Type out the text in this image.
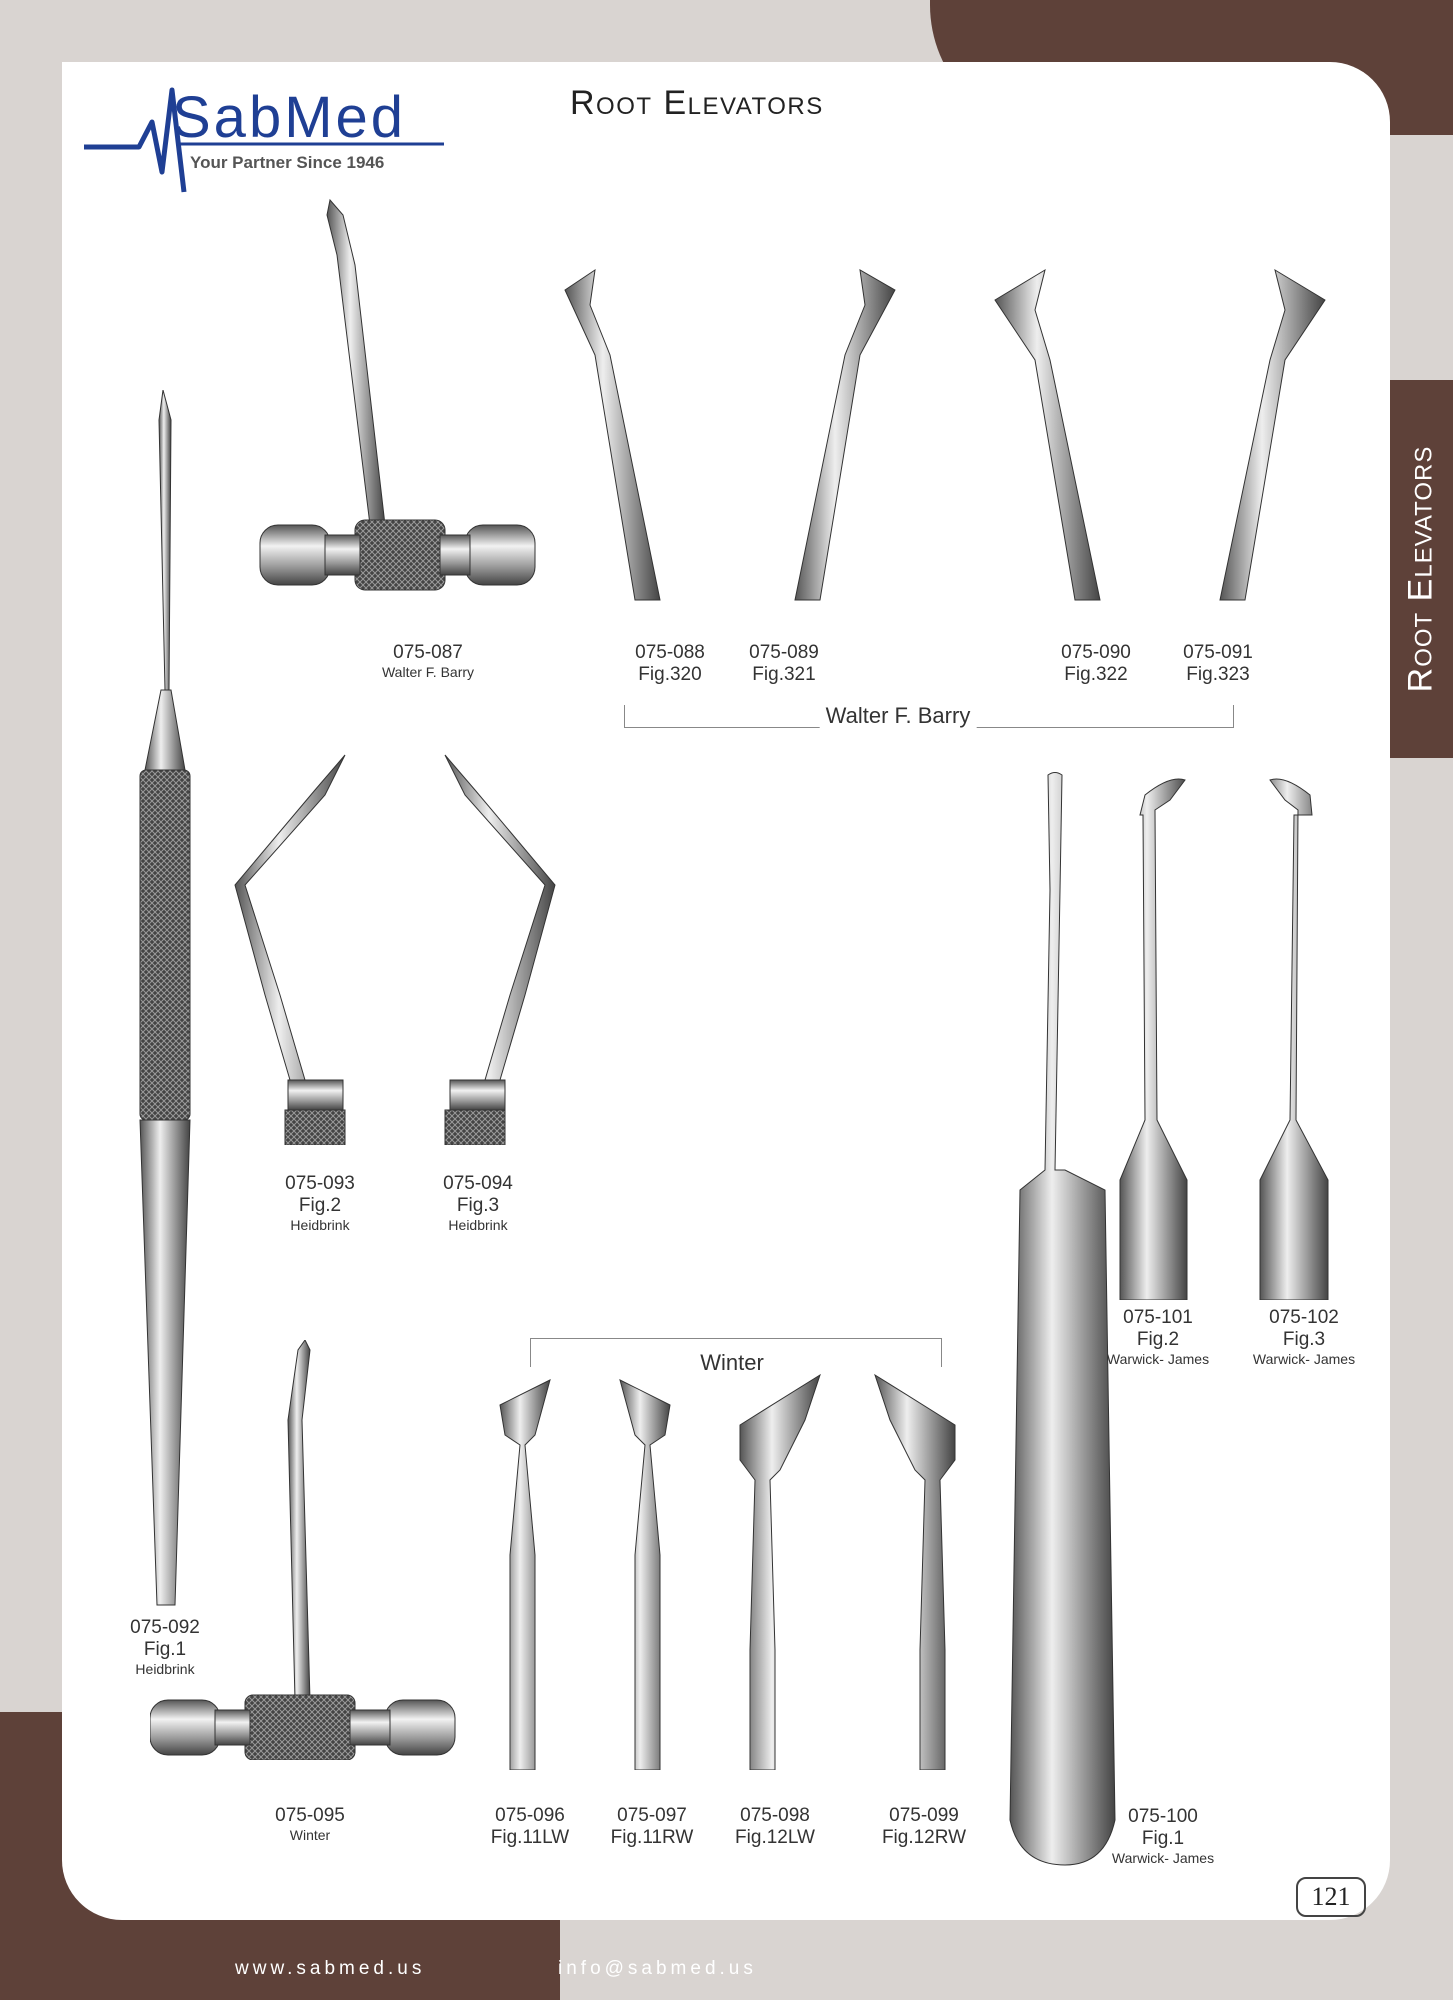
Root Elevators
SabMed
Your Partner Since 1946
Root Elevators
Walter F. Barry
Winter
075-087
Walter F. Barry
075-088
Fig.320
075-089
Fig.321
075-090
Fig.322
075-091
Fig.323
075-092
Fig.1
Heidbrink
075-093
Fig.2
Heidbrink
075-094
Fig.3
Heidbrink
075-095
Winter
075-096
Fig.11LW
075-097
Fig.11RW
075-098
Fig.12LW
075-099
Fig.12RW
075-100
Fig.1
Warwick- James
075-101
Fig.2
Warwick- James
075-102
Fig.3
Warwick- James
121
www.sabmed.us	info@sabmed.us
